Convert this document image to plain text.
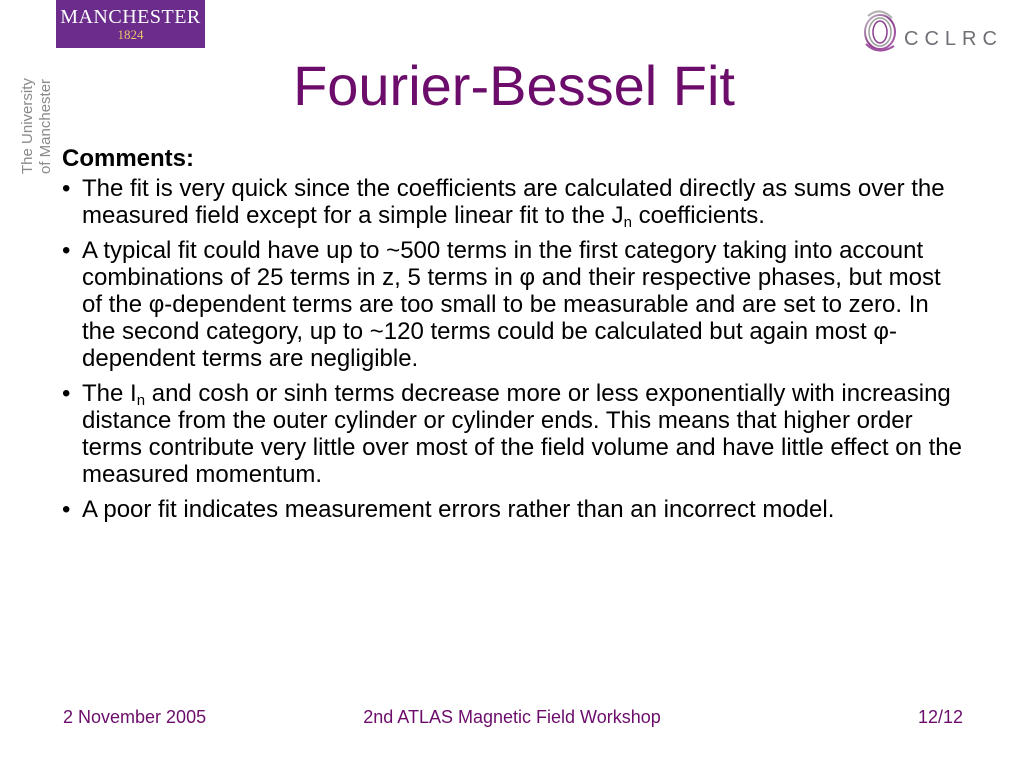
MANCHESTER
1824
The University of Manchester
CCLRC
Fourier-Bessel Fit
Comments:
• The fit is very quick since the coefficients are calculated directly as sums over the measured field except for a simple linear fit to the $J_n$ coefficients.
• A typical fit could have up to ~500 terms in the first category taking into account combinations of 25 terms in z, 5 terms in φ and their respective phases, but most of the φ-dependent terms are too small to be measurable and are set to zero. In the second category, up to ~120 terms could be calculated but again most φ-dependent terms are negligible.
• The $I_n$ and cosh or sinh terms decrease more or less exponentially with increasing distance from the outer cylinder or cylinder ends. This means that higher order terms contribute very little over most of the field volume and have little effect on the measured momentum.
• A poor fit indicates measurement errors rather than an incorrect model.
2 November 2005	2nd ATLAS Magnetic Field Workshop	12/12
